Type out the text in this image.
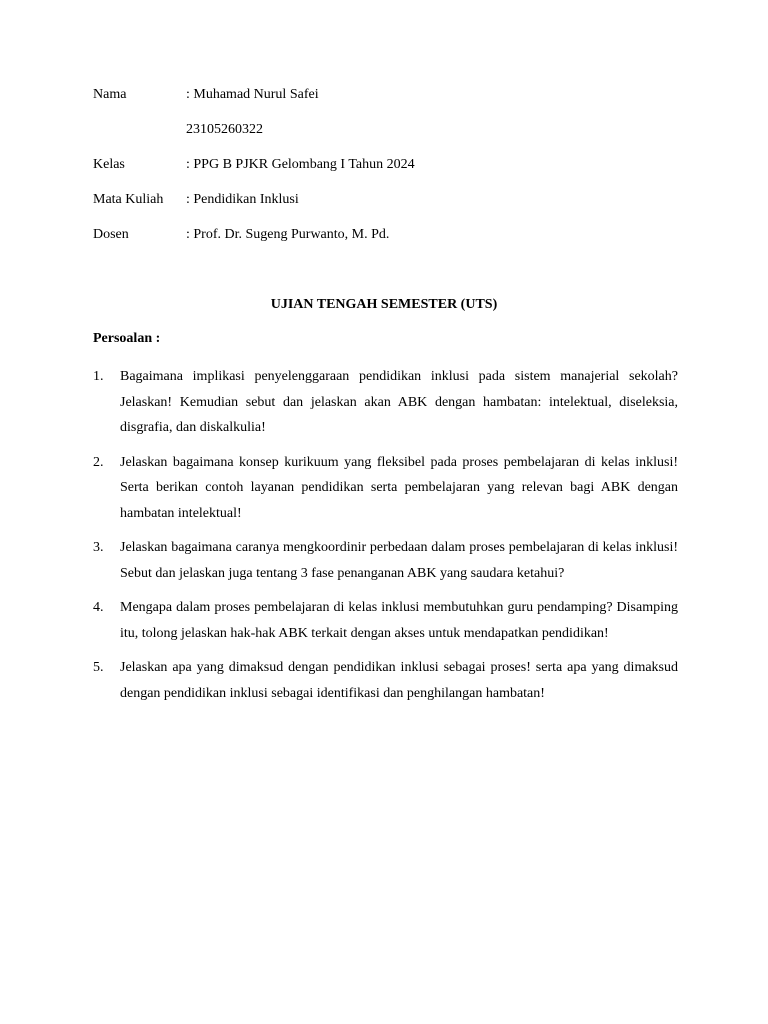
Nama	: Muhamad Nurul Safei
23105260322
Kelas	: PPG B PJKR Gelombang I Tahun 2024
Mata Kuliah : Pendidikan Inklusi
Dosen	: Prof. Dr. Sugeng Purwanto, M. Pd.
UJIAN TENGAH SEMESTER (UTS)
Persoalan :
1. Bagaimana implikasi penyelenggaraan pendidikan inklusi pada sistem manajerial sekolah? Jelaskan! Kemudian sebut dan jelaskan akan ABK dengan hambatan: intelektual, diseleksia, disgrafia, dan diskalkulia!
2. Jelaskan bagaimana konsep kurikuum yang fleksibel pada proses pembelajaran di kelas inklusi! Serta berikan contoh layanan pendidikan serta pembelajaran yang relevan bagi ABK dengan hambatan intelektual!
3. Jelaskan bagaimana caranya mengkoordinir perbedaan dalam proses pembelajaran di kelas inklusi! Sebut dan jelaskan juga tentang 3 fase penanganan ABK yang saudara ketahui?
4. Mengapa dalam proses pembelajaran di kelas inklusi membutuhkan guru pendamping? Disamping itu, tolong jelaskan hak-hak ABK terkait dengan akses untuk mendapatkan pendidikan!
5. Jelaskan apa yang dimaksud dengan pendidikan inklusi sebagai proses! serta apa yang dimaksud dengan pendidikan inklusi sebagai identifikasi dan penghilangan hambatan!
